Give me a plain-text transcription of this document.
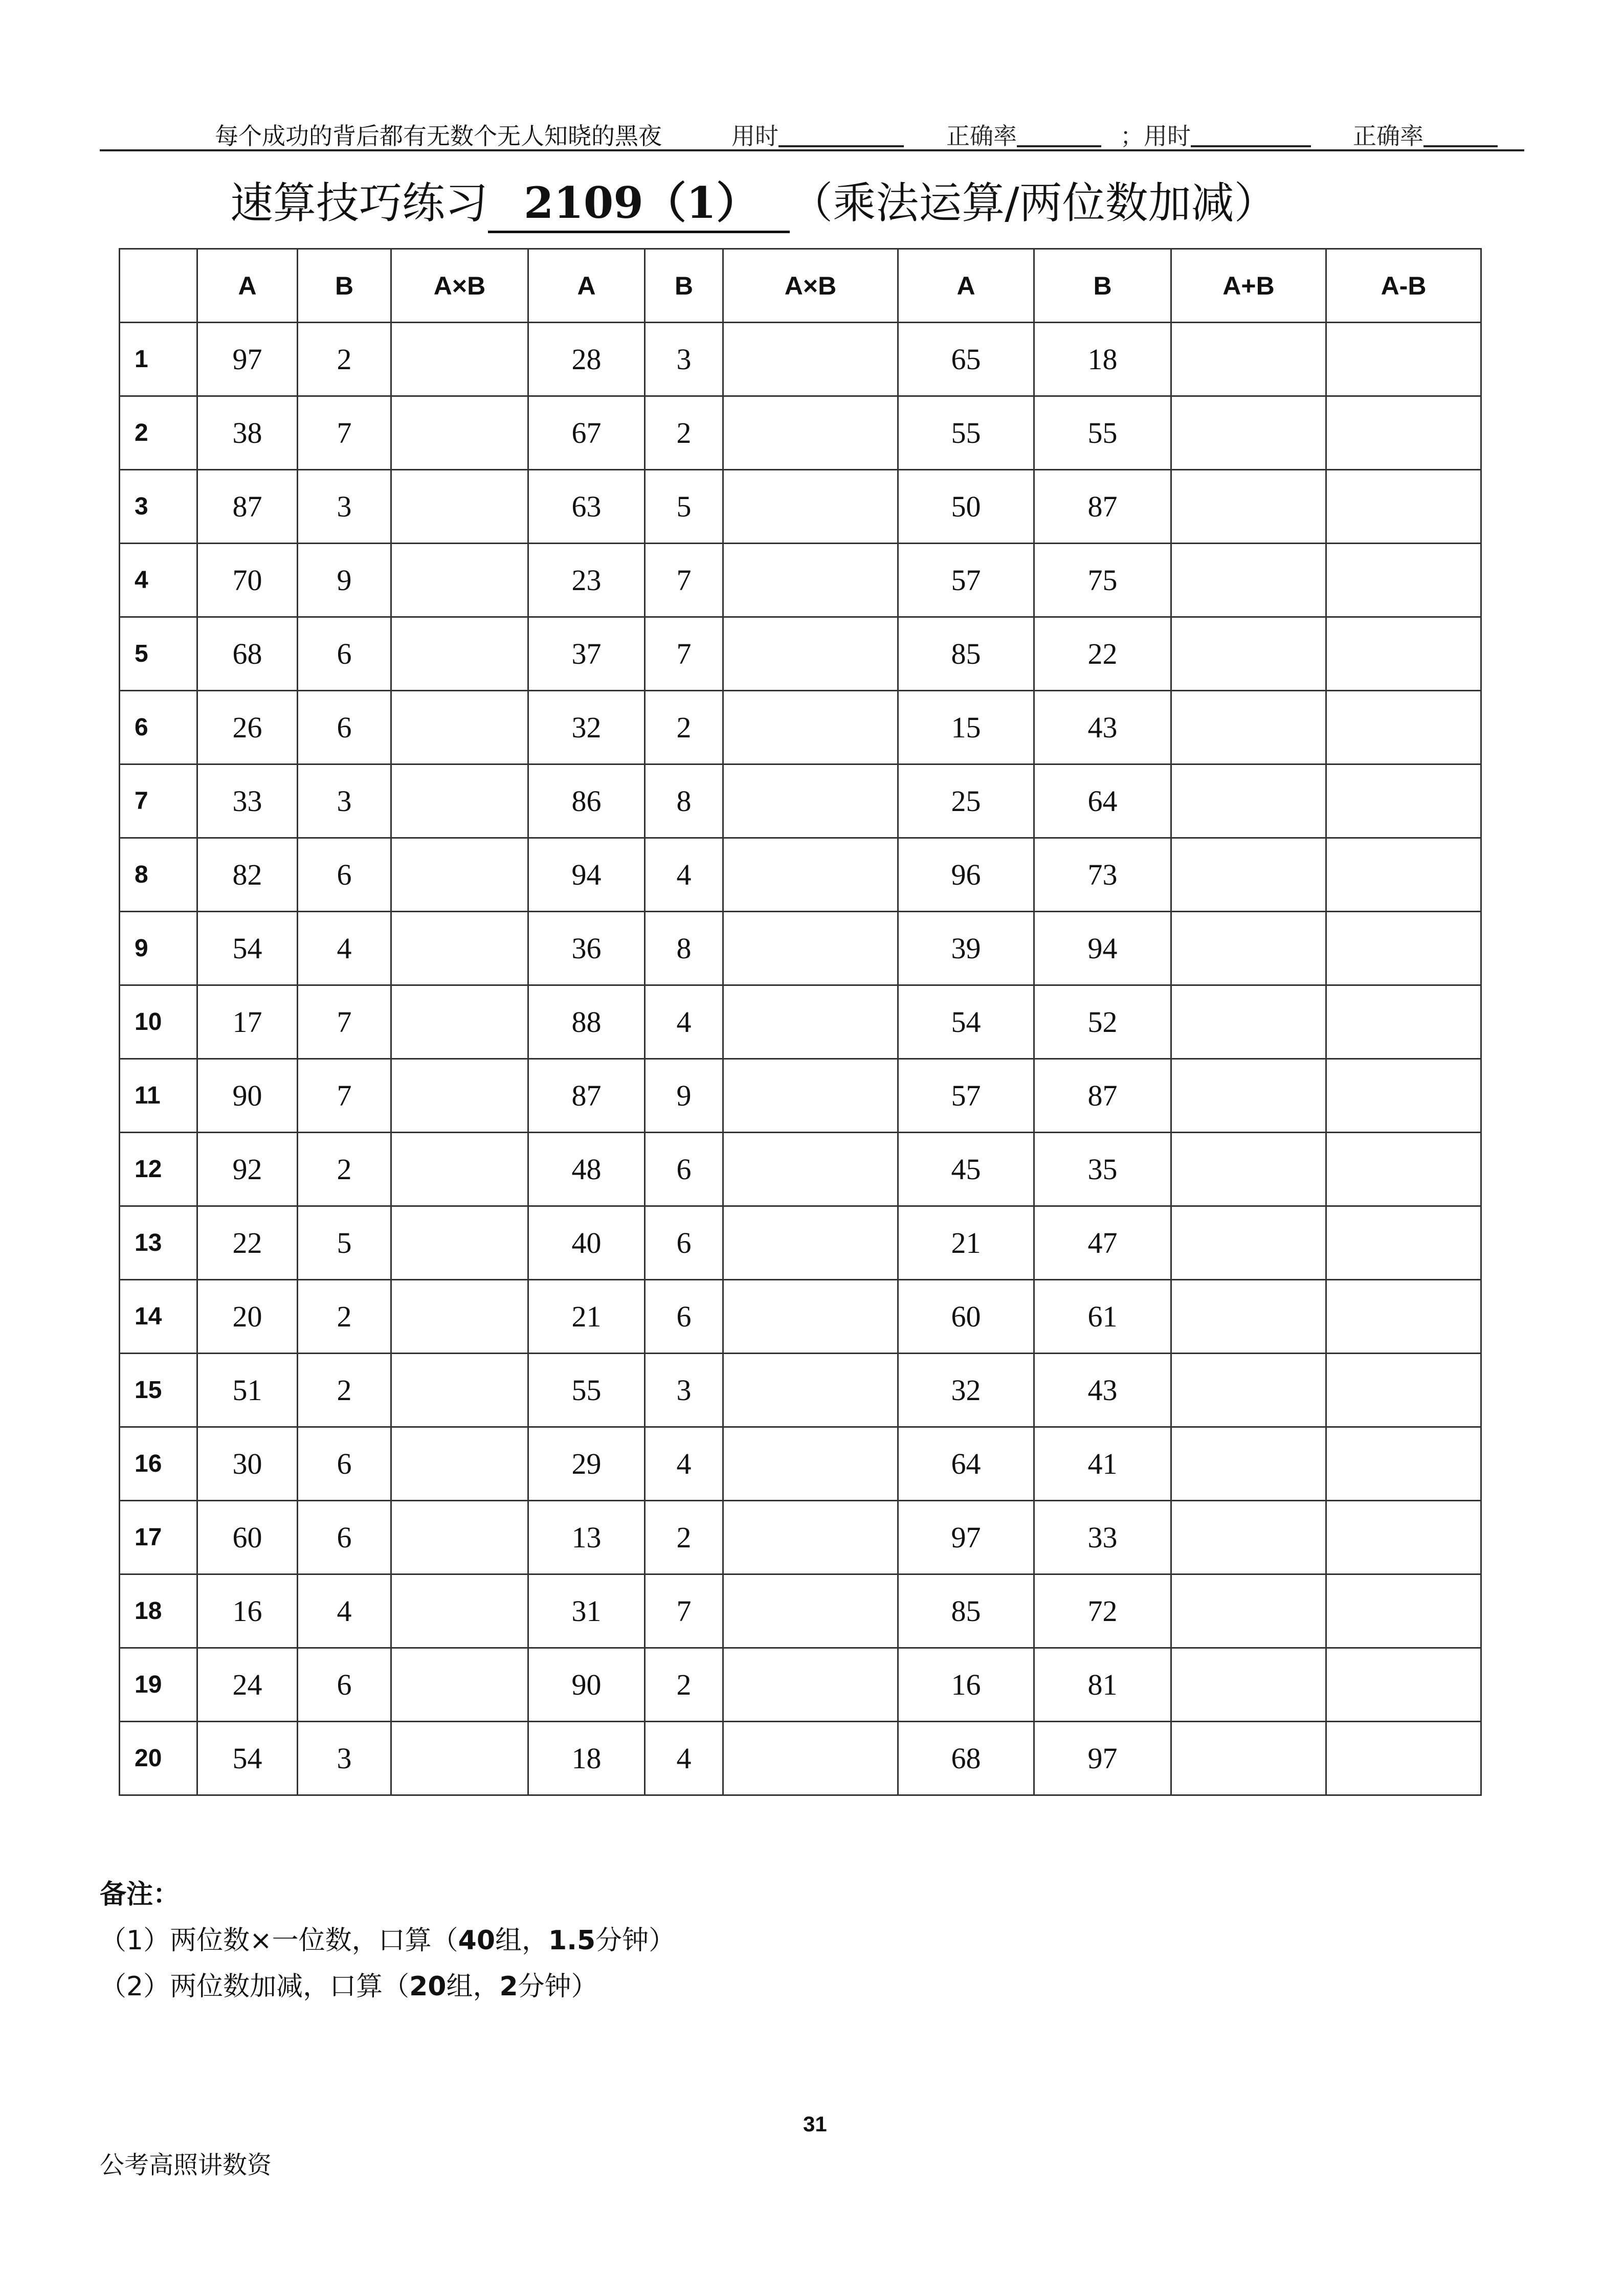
每个成功的背后都有无数个无人知晓的黑夜	用时	正确率	；用时	正确率
速算技巧练习 2109（1） （乘法运算/两位数加减）
	A	B	A×B	A	B	A×B	A	B	A+B	A-B
1	97	2		28	3		65	18		
2	38	7		67	2		55	55		
3	87	3		63	5		50	87		
4	70	9		23	7		57	75		
5	68	6		37	7		85	22		
6	26	6		32	2		15	43		
7	33	3		86	8		25	64		
8	82	6		94	4		96	73		
9	54	4		36	8		39	94		
10	17	7		88	4		54	52		
11	90	7		87	9		57	87		
12	92	2		48	6		45	35		
13	22	5		40	6		21	47		
14	20	2		21	6		60	61		
15	51	2		55	3		32	43		
16	30	6		29	4		64	41		
17	60	6		13	2		97	33		
18	16	4		31	7		85	72		
19	24	6		90	2		16	81		
20	54	3		18	4		68	97		
备注：
（1）两位数×一位数，口算（40组，1.5分钟）
（2）两位数加减，口算（20组，2分钟）
31
公考高照讲数资
